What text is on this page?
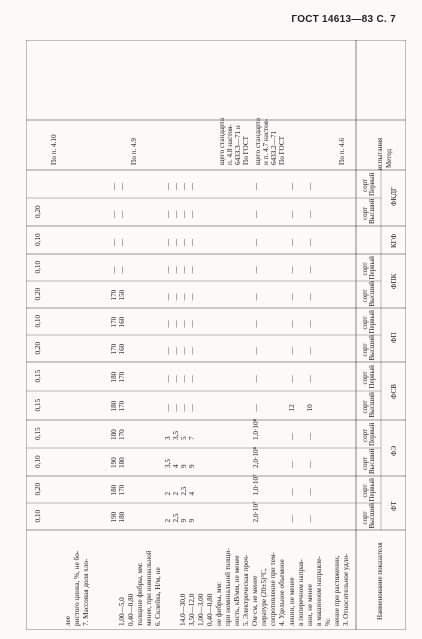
ГОСТ 14613—83 С. 7
ФТ
Высший
сорт
Первый
сорт
ФЭ
Высший
сорт
Первый
сорт
ФСВ
Высший
сорт
Первый
сорт
ФП
Высший
сорт
Первый
сорт
ФПК
Высший
сорт
Первый
сорт
КГФ
ФКДГ
Высший
сорт
Первый
сорт
Наименование показателя
Метод
испытания
3. Относительное удли-
нение при растяжении,
%:
в машинном направле-
нии, не менее
в поперечном направ-
лении, не менее
—
—
—
—
10
—
—
—
—
—
—
—
—
—
—
—
—
12
—
—
—
—
—
—
—
—
По п. 4.6
4. Удельное объемное
сопротивление при тем-
пературе (20±5)°С,
Ом·см, не менее
2,0·10⁷
1,0·10⁷
2,0·10⁸
1,0·10⁸
—
—
—
—
—
—
—
—
—
По ГОСТ
6433.2—71
и п. 4.7 настоя-
щего стандарта
5. Электрическая проч-
ность, кВ/мм, не менее
при номинальной толщи-
не фибры, мм:
0,40—0,80
1,00—3,00
3,50—12,0
14,0—30,0
9
4
9
7
—
—
—
—
—
—
—
—
—
9
2,5
9
5
—
—
—
—
—
—
—
—
—
2,5
2
4
3,5
—
—
—
—
—
—
—
—
—
2
2
3,5
3
—
—
—
—
—
—
—
—
—
По ГОСТ
6433.3—71 и
п. 4.8 настоя-
щего стандарта
6. Склейка, Н/м, не
менее, при номинальной
толщине фибры, мм:
0,40—0,80
1,00—5,0
180
170
180
170
170
170
160
160
150
—
—
—
—
190
180
190
180
180
180
170
170
170
—
—
—
—
По п. 4.9
7. Массовая доля хло-
ристого цинка, %, не бо-
лее
0,10
0,20
0,10
0,15
0,15
0,15
0,20
0,10
0,20
0,10
0,10
0,20
По п. 4.10
